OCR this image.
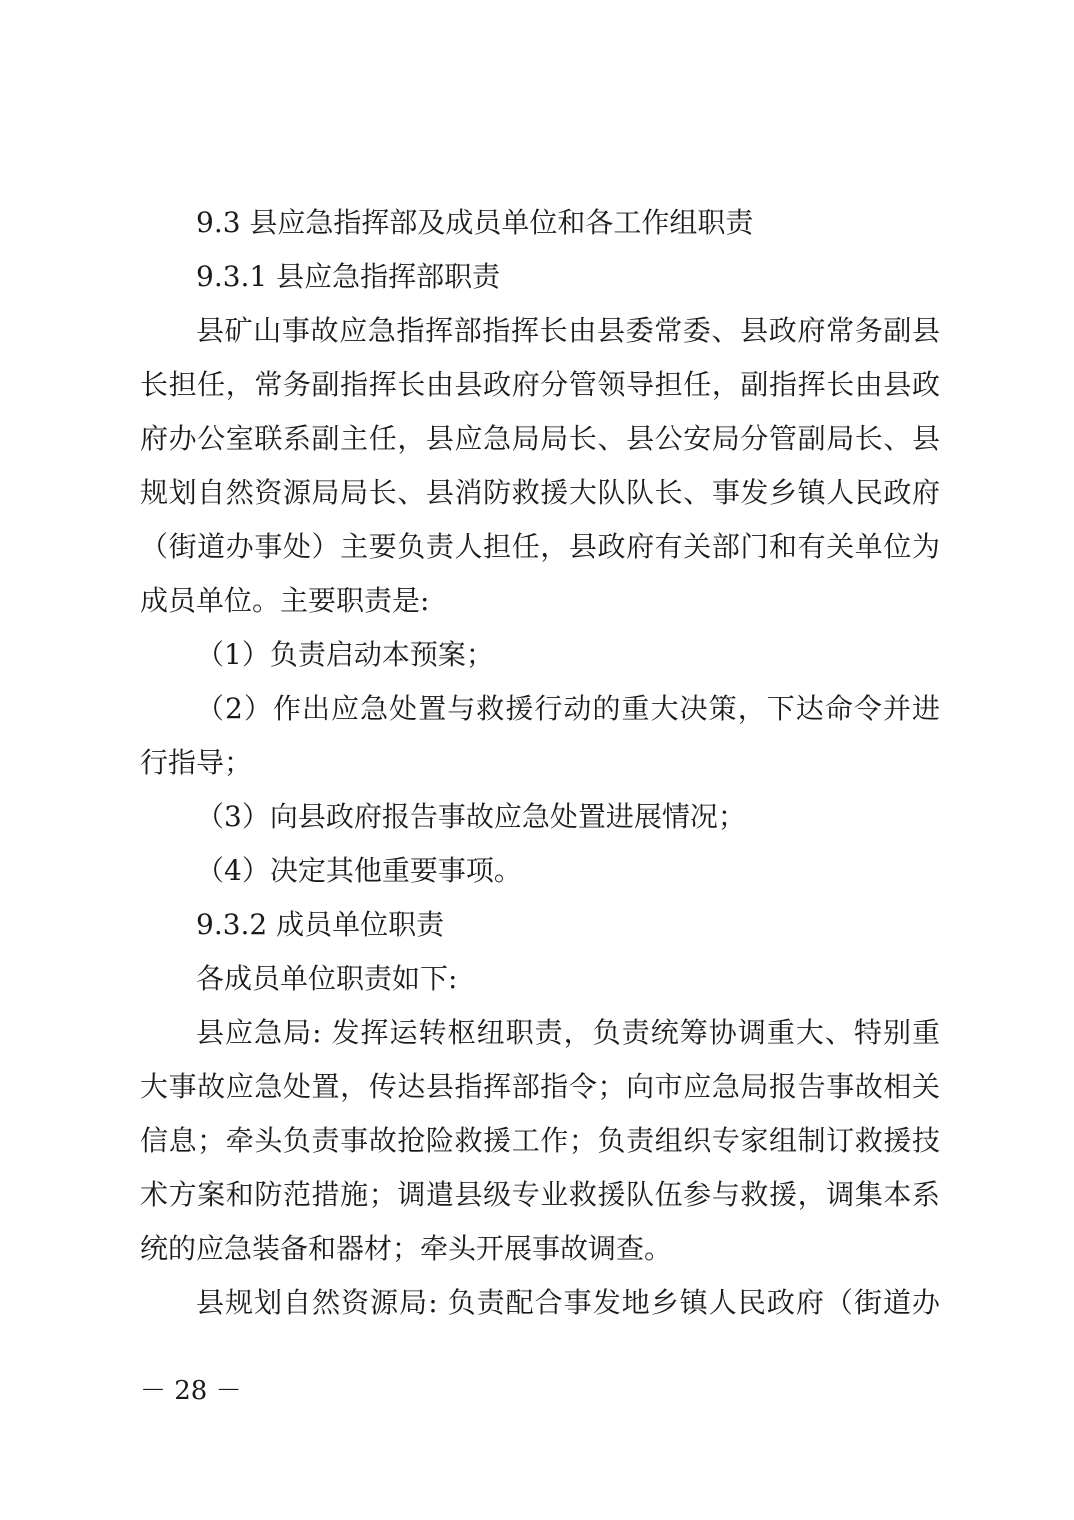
9.3 县应急指挥部及成员单位和各工作组职责
9.3.1 县应急指挥部职责
县矿山事故应急指挥部指挥长由县委常委、县政府常务副县
长担任，常务副指挥长由县政府分管领导担任，副指挥长由县政
府办公室联系副主任，县应急局局长、县公安局分管副局长、县
规划自然资源局局长、县消防救援大队队长、事发乡镇人民政府
（街道办事处）主要负责人担任，县政府有关部门和有关单位为
成员单位。主要职责是:
（1）负责启动本预案；
（2）作出应急处置与救援行动的重大决策，下达命令并进
行指导；
（3）向县政府报告事故应急处置进展情况；
（4）决定其他重要事项。
9.3.2 成员单位职责
各成员单位职责如下:
县应急局: 发挥运转枢纽职责，负责统筹协调重大、特别重
大事故应急处置，传达县指挥部指令；向市应急局报告事故相关
信息；牵头负责事故抢险救援工作；负责组织专家组制订救援技
术方案和防范措施；调遣县级专业救援队伍参与救援，调集本系
统的应急装备和器材；牵头开展事故调查。
县规划自然资源局: 负责配合事发地乡镇人民政府（街道办
－ 28 －
